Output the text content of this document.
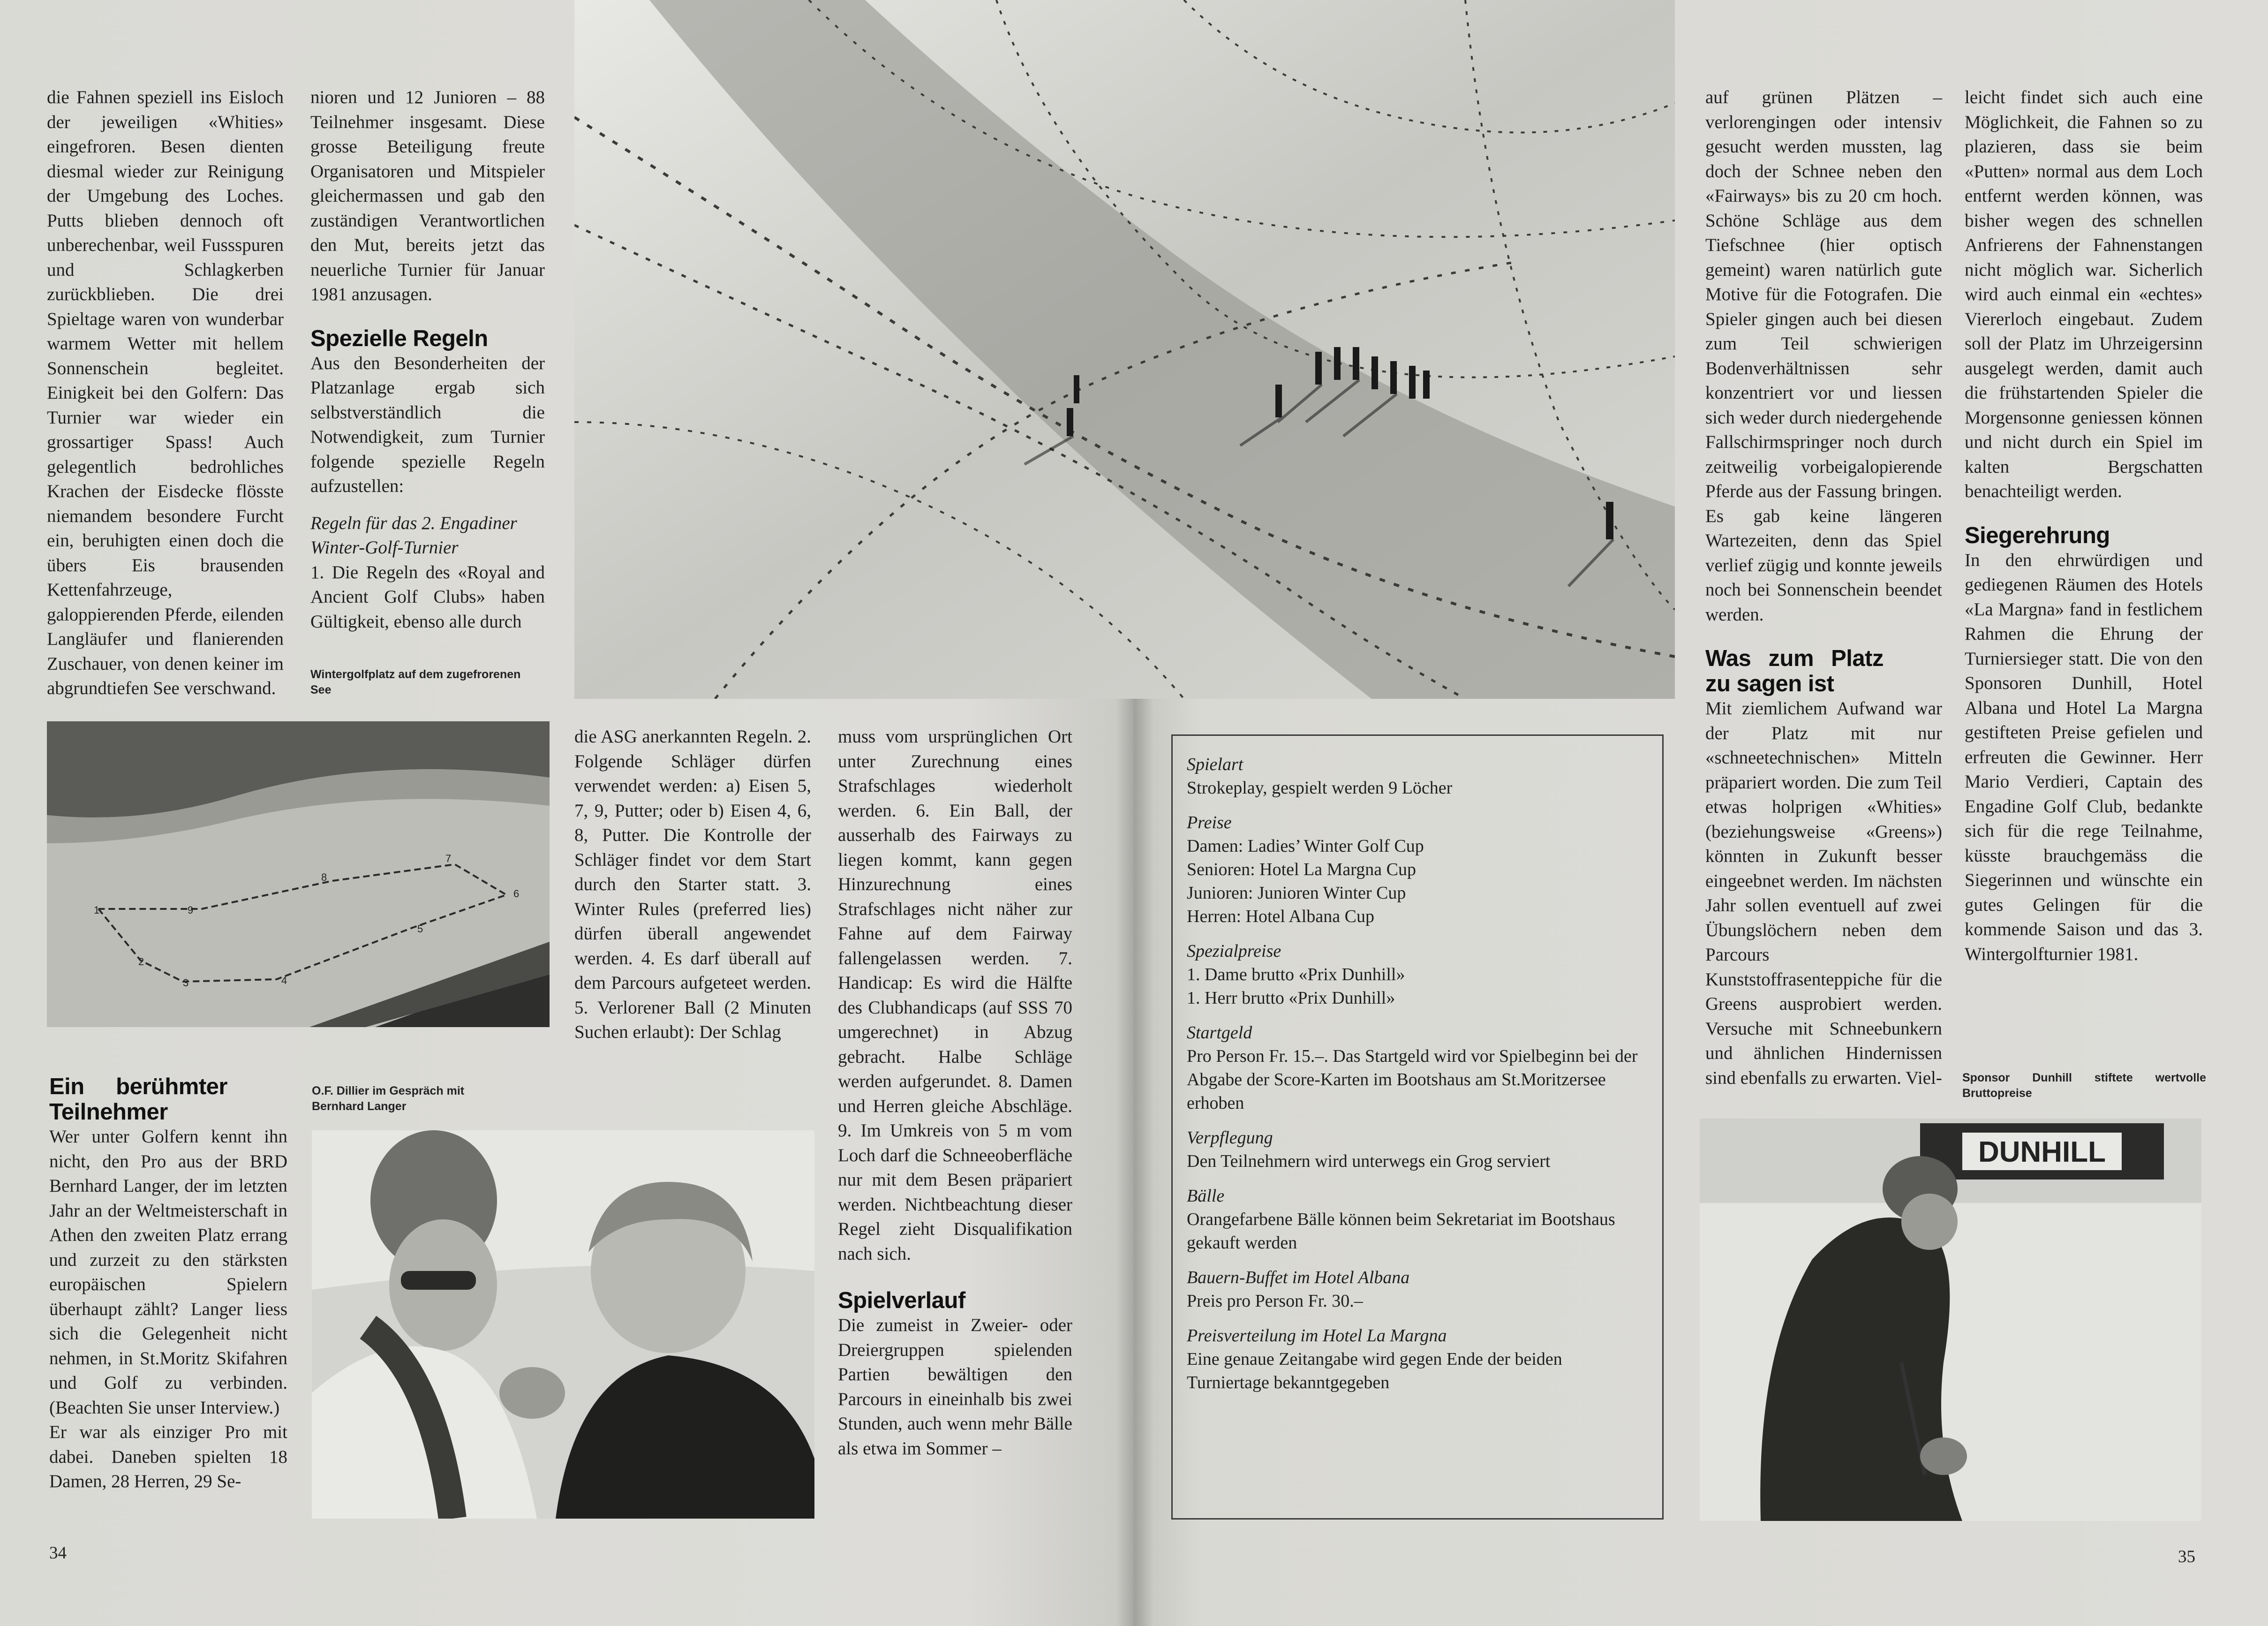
die Fahnen speziell ins Eisloch der jeweiligen «Whities» eingefroren. Besen dienten diesmal wieder zur Reinigung der Umgebung des Loches. Putts blieben dennoch oft unberechenbar, weil Fussspuren und Schlagkerben zurückblieben. Die drei Spieltage waren von wunderbar warmem Wetter mit hellem Sonnenschein begleitet. Einigkeit bei den Golfern: Das Turnier war wieder ein grossartiger Spass! Auch gelegentlich bedrohliches Krachen der Eisdecke flösste niemandem besondere Furcht ein, beruhigten einen doch die übers Eis brausenden Kettenfahrzeuge, galoppierenden Pferde, eilenden Langläufer und flanierenden Zuschauer, von denen keiner im abgrundtiefen See verschwand.

nioren und 12 Junioren – 88 Teilnehmer insgesamt. Diese grosse Beteiligung freute Organisatoren und Mitspieler gleichermassen und gab den zuständigen Verantwortlichen den Mut, bereits jetzt das neuerliche Turnier für Januar 1981 anzusagen.

Spezielle Regeln

Aus den Besonderheiten der Platzanlage ergab sich selbstverständlich die Notwendigkeit, zum Turnier folgende spezielle Regeln aufzustellen:

Regeln für das 2. Engadiner Winter-Golf-Turnier

1. Die Regeln des «Royal and Ancient Golf Clubs» haben Gültigkeit, ebenso alle durch

Wintergolfplatz auf dem zugefrorenen See
1
2
3	4
5
6
7
8
9

die ASG anerkannten Regeln. 2. Folgende Schläger dürfen verwendet werden: a) Eisen 5, 7, 9, Putter; oder b) Eisen 4, 6, 8, Putter. Die Kontrolle der Schläger findet vor dem Start durch den Starter statt. 3. Winter Rules (preferred lies) dürfen überall angewendet werden. 4. Es darf überall auf dem Parcours aufgeteet werden. 5. Verlorener Ball (2 Minuten Suchen erlaubt): Der Schlag

muss vom ursprünglichen Ort unter Zurechnung eines Strafschlages wiederholt werden. 6. Ein Ball, der ausserhalb des Fairways zu liegen kommt, kann gegen Hinzurechnung eines Strafschlages nicht näher zur Fahne auf dem Fairway fallengelassen werden. 7. Handicap: Es wird die Hälfte des Clubhandicaps (auf SSS 70 umgerechnet) in Abzug gebracht. Halbe Schläge werden aufgerundet. 8. Damen und Herren gleiche Abschläge. 9. Im Umkreis von 5 m vom Loch darf die Schneeoberfläche nur mit dem Besen präpariert werden. Nichtbeachtung dieser Regel zieht Disqualifikation nach sich.

Spielverlauf

Die zumeist in Zweier- oder Dreiergruppen spielenden Partien bewältigen den Parcours in eineinhalb bis zwei Stunden, auch wenn mehr Bälle als etwa im Sommer –

Ein berühmter Teilnehmer

Wer unter Golfern kennt ihn nicht, den Pro aus der BRD Bernhard Langer, der im letzten Jahr an der Weltmeisterschaft in Athen den zweiten Platz errang und zurzeit zu den stärksten europäischen Spielern überhaupt zählt? Langer liess sich die Gelegenheit nicht nehmen, in St.Moritz Skifahren und Golf zu verbinden. (Beachten Sie unser Interview.)

Er war als einziger Pro mit dabei. Daneben spielten 18 Damen, 28 Herren, 29 Se-

O.F. Dillier im Gespräch mit Bernhard Langer
34

auf grünen Plätzen – verlorengingen oder intensiv gesucht werden mussten, lag doch der Schnee neben den «Fairways» bis zu 20 cm hoch. Schöne Schläge aus dem Tiefschnee (hier optisch gemeint) waren natürlich gute Motive für die Fotografen. Die Spieler gingen auch bei diesen zum Teil schwierigen Bodenverhältnissen sehr konzentriert vor und liessen sich weder durch niedergehende Fallschirmspringer noch durch zeitweilig vorbeigalopierende Pferde aus der Fassung bringen. Es gab keine längeren Wartezeiten, denn das Spiel verlief zügig und konnte jeweils noch bei Sonnenschein beendet werden.

Was zum Platz zu sagen ist

Mit ziemlichem Aufwand war der Platz mit nur «schneetechnischen» Mitteln präpariert worden. Die zum Teil etwas holprigen «Whities» (beziehungsweise «Greens») könnten in Zukunft besser eingeebnet werden. Im nächsten Jahr sollen eventuell auf zwei Übungslöchern neben dem Parcours Kunststoffrasenteppiche für die Greens ausprobiert werden. Versuche mit Schneebunkern und ähnlichen Hindernissen sind ebenfalls zu erwarten. Viel-

leicht findet sich auch eine Möglichkeit, die Fahnen so zu plazieren, dass sie beim «Putten» normal aus dem Loch entfernt werden können, was bisher wegen des schnellen Anfrierens der Fahnenstangen nicht möglich war. Sicherlich wird auch einmal ein «echtes» Viererloch eingebaut. Zudem soll der Platz im Uhrzeigersinn ausgelegt werden, damit auch die frühstartenden Spieler die Morgensonne geniessen können und nicht durch ein Spiel im kalten Bergschatten benachteiligt werden.

Siegerehrung

In den ehrwürdigen und gediegenen Räumen des Hotels «La Margna» fand in festlichem Rahmen die Ehrung der Turniersieger statt. Die von den Sponsoren Dunhill, Hotel Albana und Hotel La Margna gestifteten Preise gefielen und erfreuten die Gewinner. Herr Mario Verdieri, Captain des Engadine Golf Club, bedankte sich für die rege Teilnahme, küsste brauchgemäss die Siegerinnen und wünschte ein gutes Gelingen für die kommende Saison und das 3. Wintergolfturnier 1981.

Sponsor Dunhill stiftete wertvolle Bruttopreise
DUNHILL
Spielart
Strokeplay, gespielt werden 9 Löcher
Preise
Damen: Ladies’ Winter Golf Cup
Senioren: Hotel La Margna Cup
Junioren: Junioren Winter Cup
Herren: Hotel Albana Cup
Spezialpreise
1. Dame brutto «Prix Dunhill»
1. Herr brutto «Prix Dunhill»
Startgeld
Pro Person Fr. 15.–. Das Startgeld wird vor Spielbeginn bei der Abgabe der Score-Karten im Bootshaus am St.Moritzersee erhoben
Verpflegung
Den Teilnehmern wird unterwegs ein Grog serviert
Bälle
Orangefarbene Bälle können beim Sekretariat im Bootshaus gekauft werden
Bauern-Buffet im Hotel Albana
Preis pro Person Fr. 30.–
Preisverteilung im Hotel La Margna
Eine genaue Zeitangabe wird gegen Ende der beiden Turniertage bekanntgegeben
35
